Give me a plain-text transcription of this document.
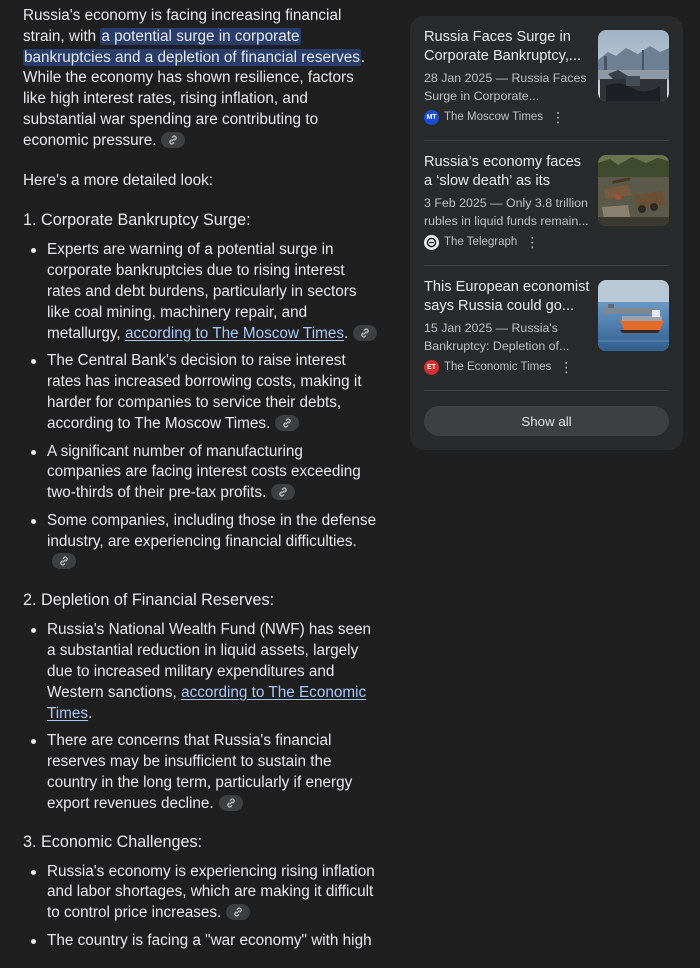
Russia's economy is facing increasing financial strain, with a potential surge in corporate bankruptcies and a depletion of financial reserves. While the economy has shown resilience, factors like high interest rates, rising inflation, and substantial war spending are contributing to economic pressure.

Here's a more detailed look:

1. Corporate Bankruptcy Surge:
Experts are warning of a potential surge in corporate bankruptcies due to rising interest rates and debt burdens, particularly in sectors like coal mining, machinery repair, and metallurgy, according to The Moscow Times.
The Central Bank's decision to raise interest rates has increased borrowing costs, making it harder for companies to service their debts, according to The Moscow Times.
A significant number of manufacturing companies are facing interest costs exceeding two-thirds of their pre-tax profits.
Some companies, including those in the defense industry, are experiencing financial difficulties.
2. Depletion of Financial Reserves:
Russia's National Wealth Fund (NWF) has seen a substantial reduction in liquid assets, largely due to increased military expenditures and Western sanctions, according to The Economic Times.
There are concerns that Russia's financial reserves may be insufficient to sustain the country in the long term, particularly if energy export revenues decline.
3. Economic Challenges:
Russia's economy is experiencing rising inflation and labor shortages, which are making it difficult to control price increases.
The country is facing a "war economy" with high
Russia Faces Surge in Corporate Bankruptcy,...
28 Jan 2025 — Russia Faces Surge in Corporate...
MT The Moscow Times ⋮
Russia’s economy faces a ‘slow death’ as its
3 Feb 2025 — Only 3.8 trillion rubles in liquid funds remain...
The Telegraph ⋮
This European economist says Russia could go...
15 Jan 2025 — Russia's Bankruptcy: Depletion of...
ET The Economic Times ⋮
Show all
